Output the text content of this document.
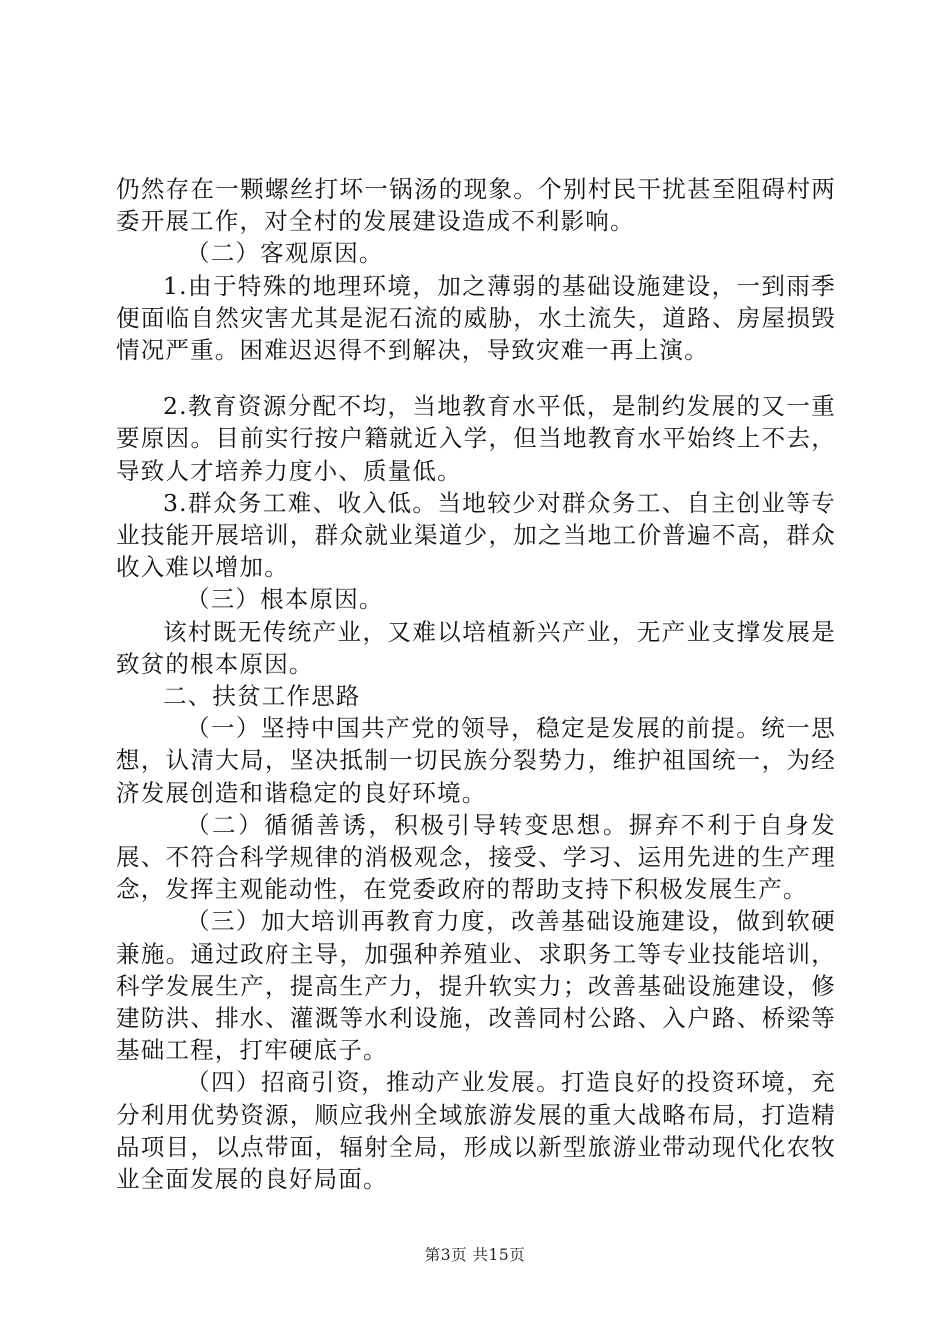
仍然存在一颗螺丝打坏一锅汤的现象。个别村民干扰甚至阻碍村两委开展工作，对全村的发展建设造成不利影响。

（二）客观原因。

1.由于特殊的地理环境，加之薄弱的基础设施建设，一到雨季便面临自然灾害尤其是泥石流的威胁，水土流失，道路、房屋损毁情况严重。困难迟迟得不到解决，导致灾难一再上演。

2.教育资源分配不均，当地教育水平低，是制约发展的又一重要原因。目前实行按户籍就近入学，但当地教育水平始终上不去，导致人才培养力度小、质量低。

3.群众务工难、收入低。当地较少对群众务工、自主创业等专业技能开展培训，群众就业渠道少，加之当地工价普遍不高，群众收入难以增加。

（三）根本原因。

该村既无传统产业，又难以培植新兴产业，无产业支撑发展是致贫的根本原因。

二、扶贫工作思路

（一）坚持中国共产党的领导，稳定是发展的前提。统一思想，认清大局，坚决抵制一切民族分裂势力，维护祖国统一，为经济发展创造和谐稳定的良好环境。

（二）循循善诱，积极引导转变思想。摒弃不利于自身发展、不符合科学规律的消极观念，接受、学习、运用先进的生产理念，发挥主观能动性，在党委政府的帮助支持下积极发展生产。

（三）加大培训再教育力度，改善基础设施建设，做到软硬兼施。通过政府主导，加强种养殖业、求职务工等专业技能培训，科学发展生产，提高生产力，提升软实力；改善基础设施建设，修建防洪、排水、灌溉等水利设施，改善同村公路、入户路、桥梁等基础工程，打牢硬底子。

（四）招商引资，推动产业发展。打造良好的投资环境，充分利用优势资源，顺应我州全域旅游发展的重大战略布局，打造精品项目，以点带面，辐射全局，形成以新型旅游业带动现代化农牧业全面发展的良好局面。

第3页 共15页
